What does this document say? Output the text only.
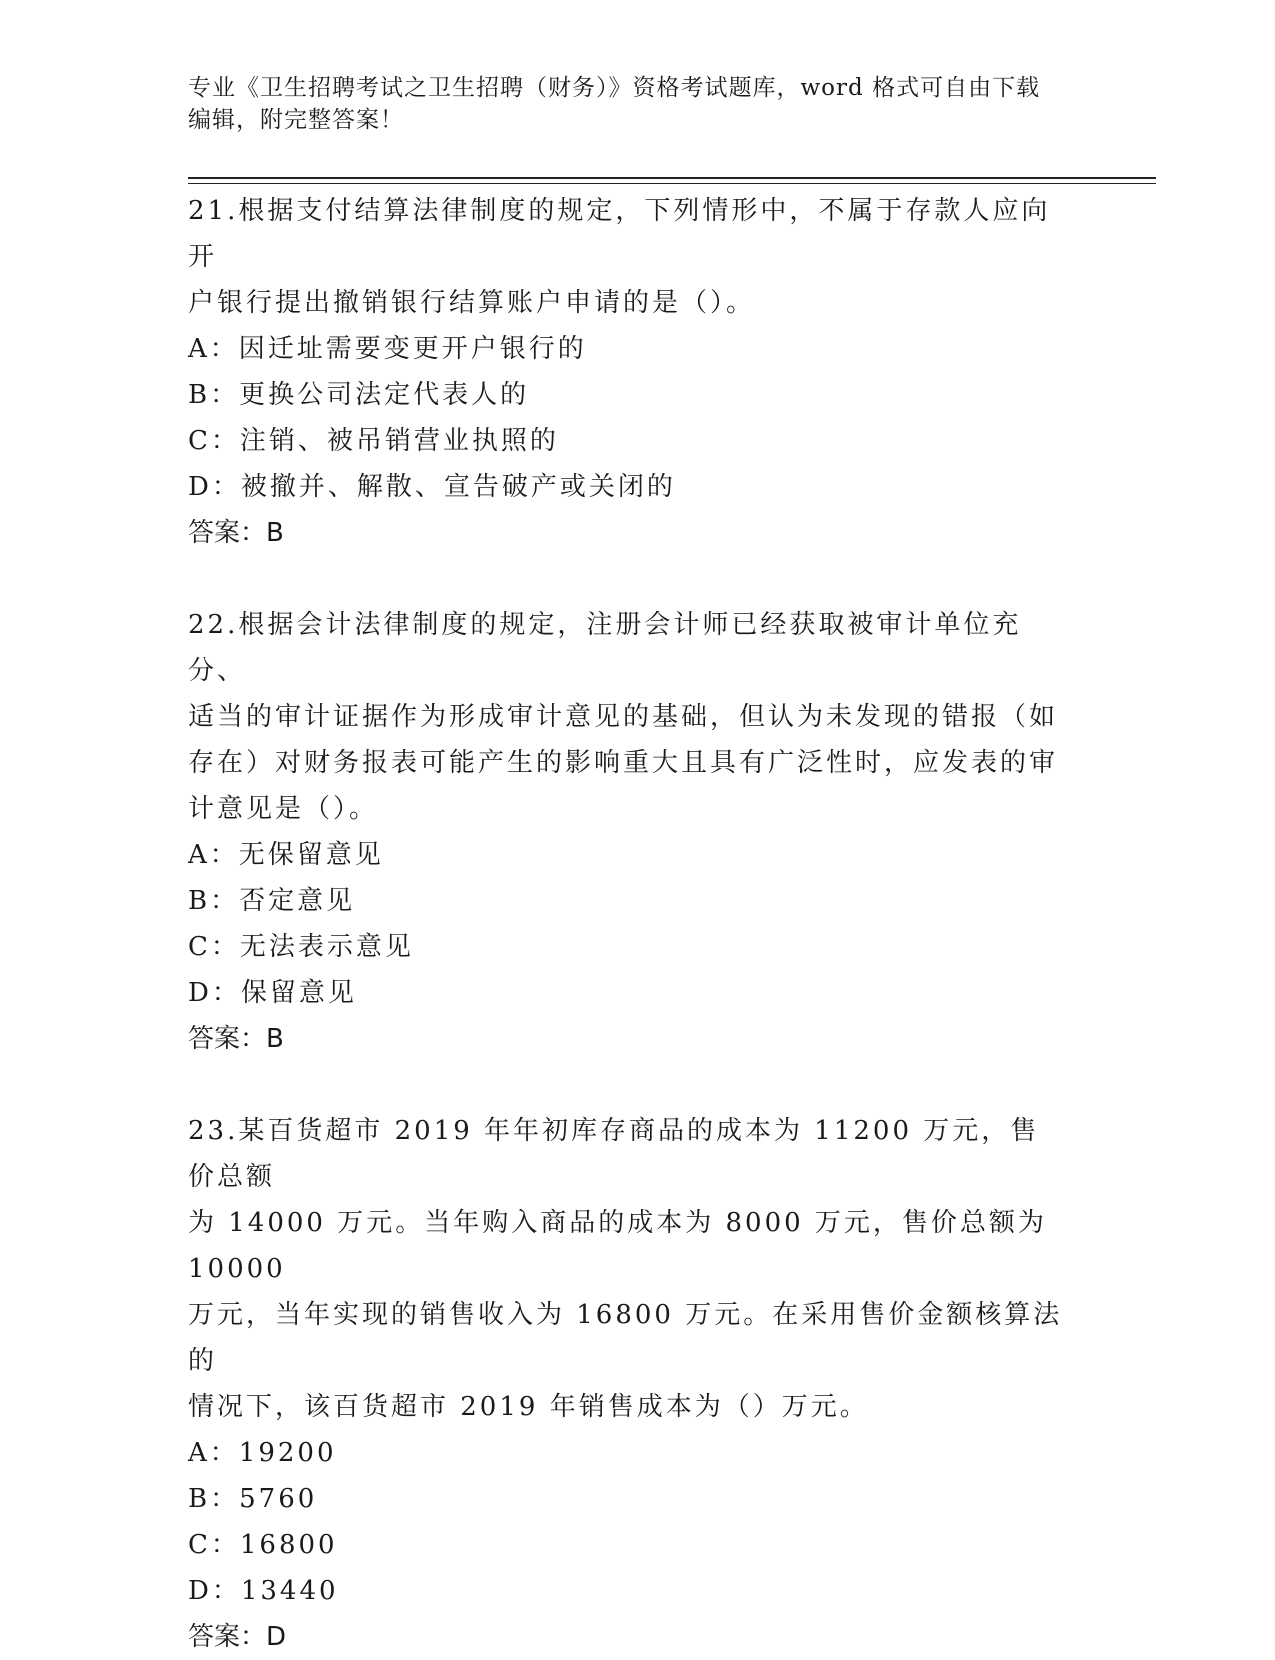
专业《卫生招聘考试之卫生招聘（财务）》资格考试题库，word 格式可自由下载
编辑，附完整答案！

21.根据支付结算法律制度的规定，下列情形中，不属于存款人应向开

户银行提出撤销银行结算账户申请的是（）。

A：因迁址需要变更开户银行的

B：更换公司法定代表人的

C：注销、被吊销营业执照的

D：被撤并、解散、宣告破产或关闭的

答案：B

22.根据会计法律制度的规定，注册会计师已经获取被审计单位充分、

适当的审计证据作为形成审计意见的基础，但认为未发现的错报（如

存在）对财务报表可能产生的影响重大且具有广泛性时，应发表的审

计意见是（）。

A：无保留意见

B：否定意见

C：无法表示意见

D：保留意见

答案：B

23.某百货超市 2019 年年初库存商品的成本为 11200 万元，售价总额

为 14000 万元。当年购入商品的成本为 8000 万元，售价总额为 10000

万元，当年实现的销售收入为 16800 万元。在采用售价金额核算法的

情况下，该百货超市 2019 年销售成本为（）万元。

A：19200

B：5760

C：16800

D：13440

答案：D
